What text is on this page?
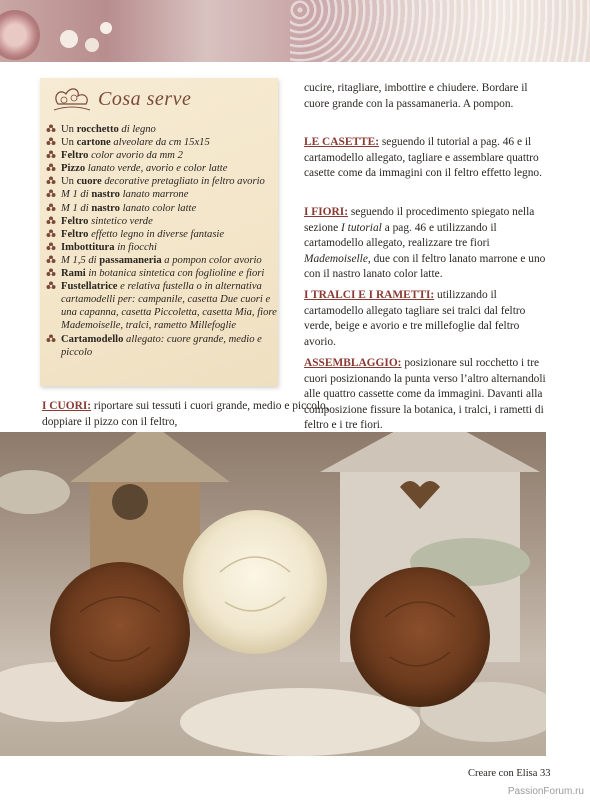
Cosa serve
Un rocchetto di legno
Un cartone alveolare da cm 15x15
Feltro color avorio da mm 2
Pizzo lanato verde, avorio e color latte
Un cuore decorative pretagliato in feltro avorio
M 1 di nastro lanato marrone
M 1 di nastro lanato color latte
Feltro sintetico verde
Feltro effetto legno in diverse fantasie
Imbottitura in fiocchi
M 1,5 di passamaneria a pompon color avorio
Rami in botanica sintetica con foglioline e fiori
Fustellatrice e relativa fustella o in alternativa cartamodelli per: campanile, casetta Due cuori e una capanna, casetta Piccoletta, casetta Mia, fiore Mademoiselle, tralci, rametto Millefoglie
Cartamodello allegato: cuore grande, medio e piccolo

I CUORI: riportare sui tessuti i cuori grande, medio e piccolo, doppiare il pizzo con il feltro,

cucire, ritagliare, imbottire e chiudere. Bordare il cuore grande con la passamaneria. A pompon.

LE CASETTE: seguendo il tutorial a pag. 46 e il cartamodello allegato, tagliare e assemblare quattro casette come da immagini con il feltro effetto legno.

I FIORI: seguendo il procedimento spiegato nella sezione I tutorial a pag. 46 e utilizzando il cartamodello allegato, realizzare tre fiori Mademoiselle, due con il feltro lanato marrone e uno con il nastro lanato color latte.

I TRALCI E I RAMETTI: utilizzando il cartamodello allegato tagliare sei tralci dal feltro verde, beige e avorio e tre millefoglie dal feltro avorio.

ASSEMBLAGGIO: posizionare sul rocchetto i tre cuori posizionando la punta verso l’altro alternandoli alle quattro cassette come da immagini. Davanti alla composizione fissure la botanica, i tralci, i rametti di feltro e i tre fiori.

Creare con Elisa 33
PassionForum.ru
